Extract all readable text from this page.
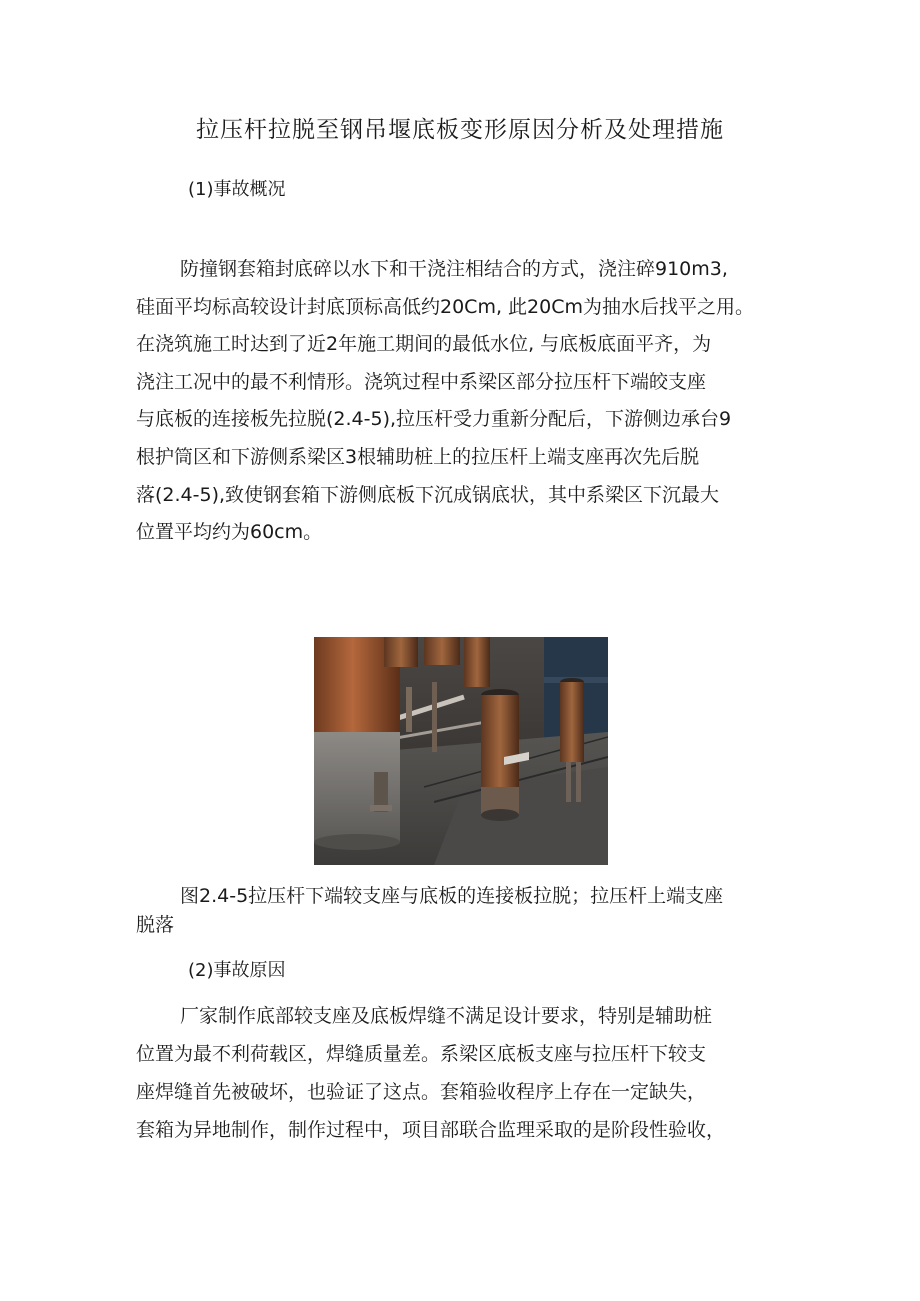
拉压杆拉脱至钢吊堰底板变形原因分析及处理措施
(1)事故概况
防撞钢套箱封底碎以水下和干浇注相结合的方式，浇注碎910m3,
硅面平均标高较设计封底顶标高低约20Cm, 此20Cm为抽水后找平之用。
在浇筑施工时达到了近2年施工期间的最低水位, 与底板底面平齐，为
浇注工况中的最不利情形。浇筑过程中系梁区部分拉压杆下端皎支座
与底板的连接板先拉脱(2.4-5),拉压杆受力重新分配后，下游侧边承台9
根护筒区和下游侧系梁区3根辅助桩上的拉压杆上端支座再次先后脱
落(2.4-5),致使钢套箱下游侧底板下沉成锅底状，其中系梁区下沉最大
位置平均约为60cm。
图2.4-5拉压杆下端较支座与底板的连接板拉脱；拉压杆上端支座
脱落
(2)事故原因
厂家制作底部较支座及底板焊缝不满足设计要求，特别是辅助桩
位置为最不利荷载区，焊缝质量差。系梁区底板支座与拉压杆下较支
座焊缝首先被破坏，也验证了这点。套箱验收程序上存在一定缺失，
套箱为异地制作，制作过程中，项目部联合监理采取的是阶段性验收，
